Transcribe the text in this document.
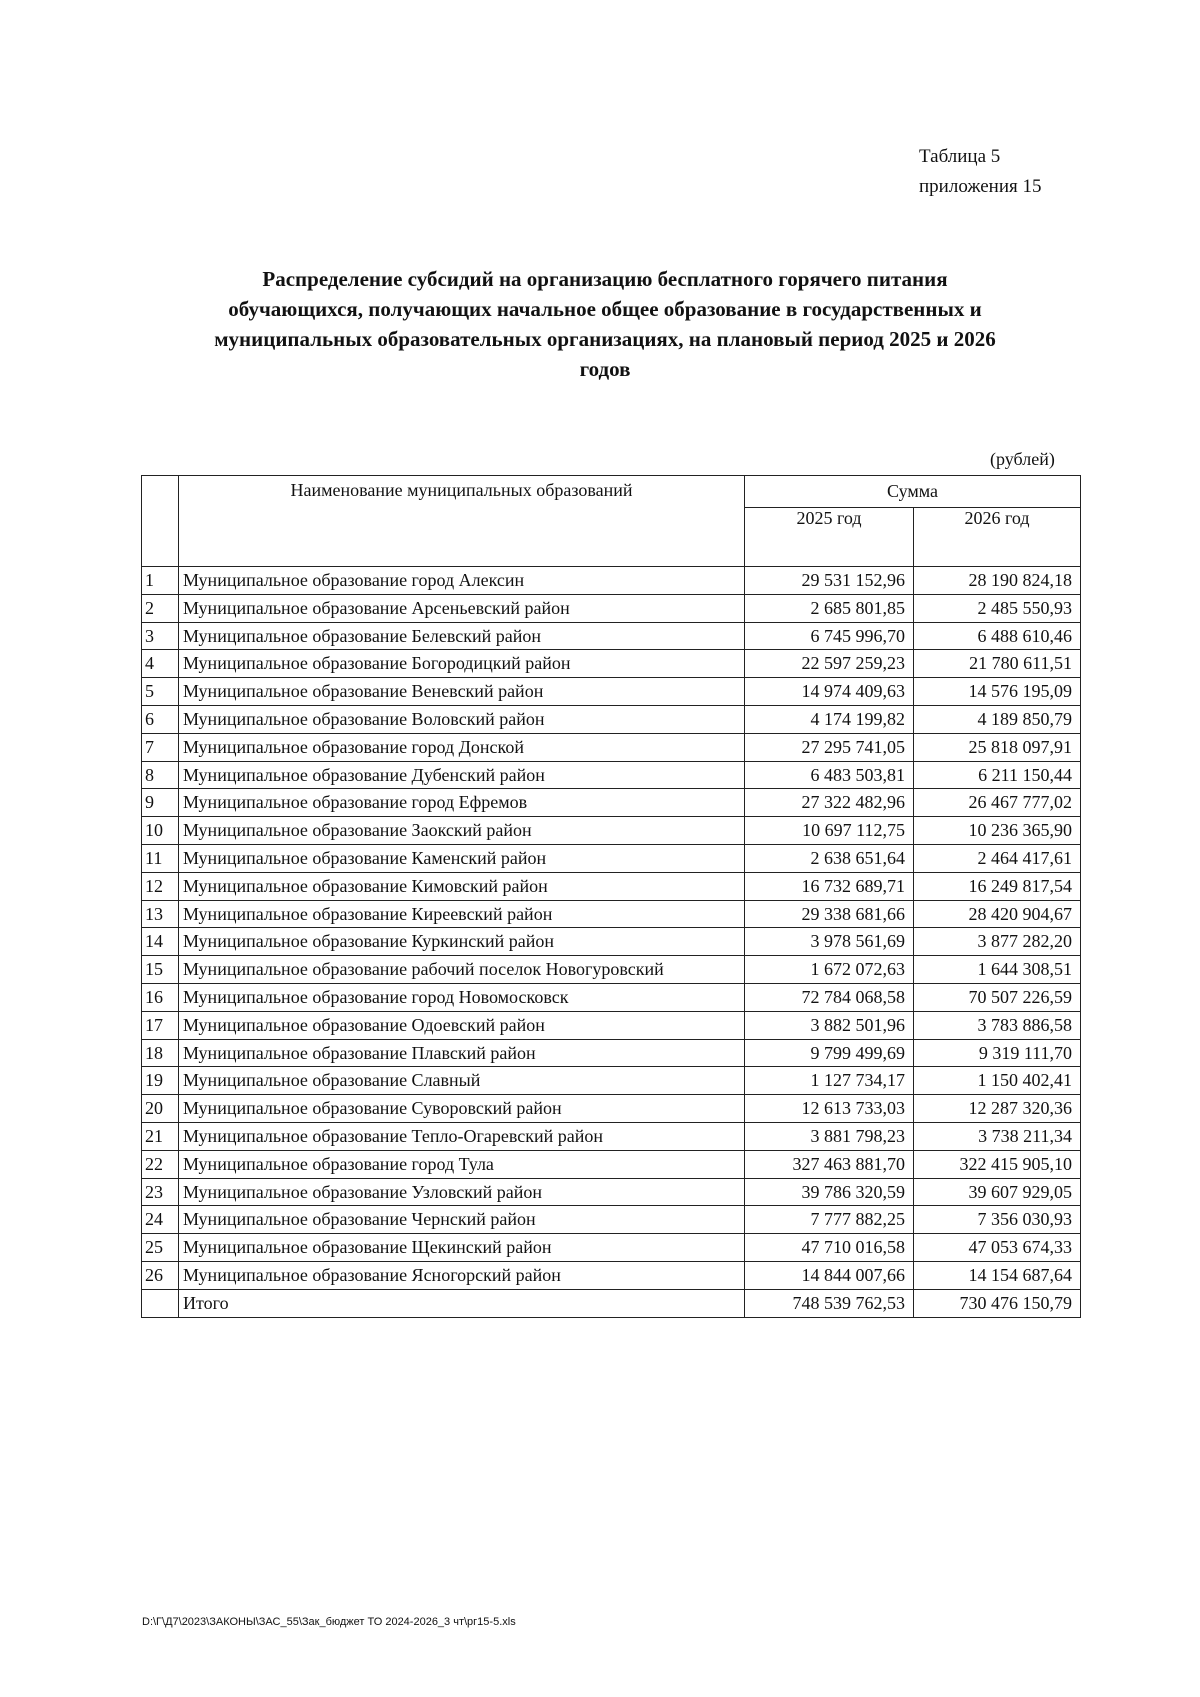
Таблица 5
приложения 15
Распределение субсидий на организацию бесплатного горячего питания
обучающихся, получающих начальное общее образование в государственных и
муниципальных образовательных организациях, на плановый период 2025 и 2026
годов
(рублей)
	Наименование муниципальных образований	Сумма	
		2025 год	2026 год
1	Муниципальное образование город Алексин	29 531 152,96	28 190 824,18
2	Муниципальное образование Арсеньевский район	2 685 801,85	2 485 550,93
3	Муниципальное образование Белевский район	6 745 996,70	6 488 610,46
4	Муниципальное образование Богородицкий район	22 597 259,23	21 780 611,51
5	Муниципальное образование Веневский район	14 974 409,63	14 576 195,09
6	Муниципальное образование Воловский район	4 174 199,82	4 189 850,79
7	Муниципальное образование город Донской	27 295 741,05	25 818 097,91
8	Муниципальное образование Дубенский район	6 483 503,81	6 211 150,44
9	Муниципальное образование город Ефремов	27 322 482,96	26 467 777,02
10	Муниципальное образование Заокский район	10 697 112,75	10 236 365,90
11	Муниципальное образование Каменский район	2 638 651,64	2 464 417,61
12	Муниципальное образование Кимовский район	16 732 689,71	16 249 817,54
13	Муниципальное образование Киреевский район	29 338 681,66	28 420 904,67
14	Муниципальное образование Куркинский район	3 978 561,69	3 877 282,20
15	Муниципальное образование рабочий поселок Новогуровский	1 672 072,63	1 644 308,51
16	Муниципальное образование город Новомосковск	72 784 068,58	70 507 226,59
17	Муниципальное образование Одоевский район	3 882 501,96	3 783 886,58
18	Муниципальное образование Плавский район	9 799 499,69	9 319 111,70
19	Муниципальное образование Славный	1 127 734,17	1 150 402,41
20	Муниципальное образование Суворовский район	12 613 733,03	12 287 320,36
21	Муниципальное образование Тепло-Огаревский район	3 881 798,23	3 738 211,34
22	Муниципальное образование город Тула	327 463 881,70	322 415 905,10
23	Муниципальное образование Узловский район	39 786 320,59	39 607 929,05
24	Муниципальное образование Чернский район	7 777 882,25	7 356 030,93
25	Муниципальное образование Щекинский район	47 710 016,58	47 053 674,33
26	Муниципальное образование Ясногорский район	14 844 007,66	14 154 687,64
	Итого	748 539 762,53	730 476 150,79
D:\Г\Д7\2023\ЗАКОНЫ\ЗАС_55\Зак_бюджет ТО 2024-2026_3 чт\рг15-5.xls
